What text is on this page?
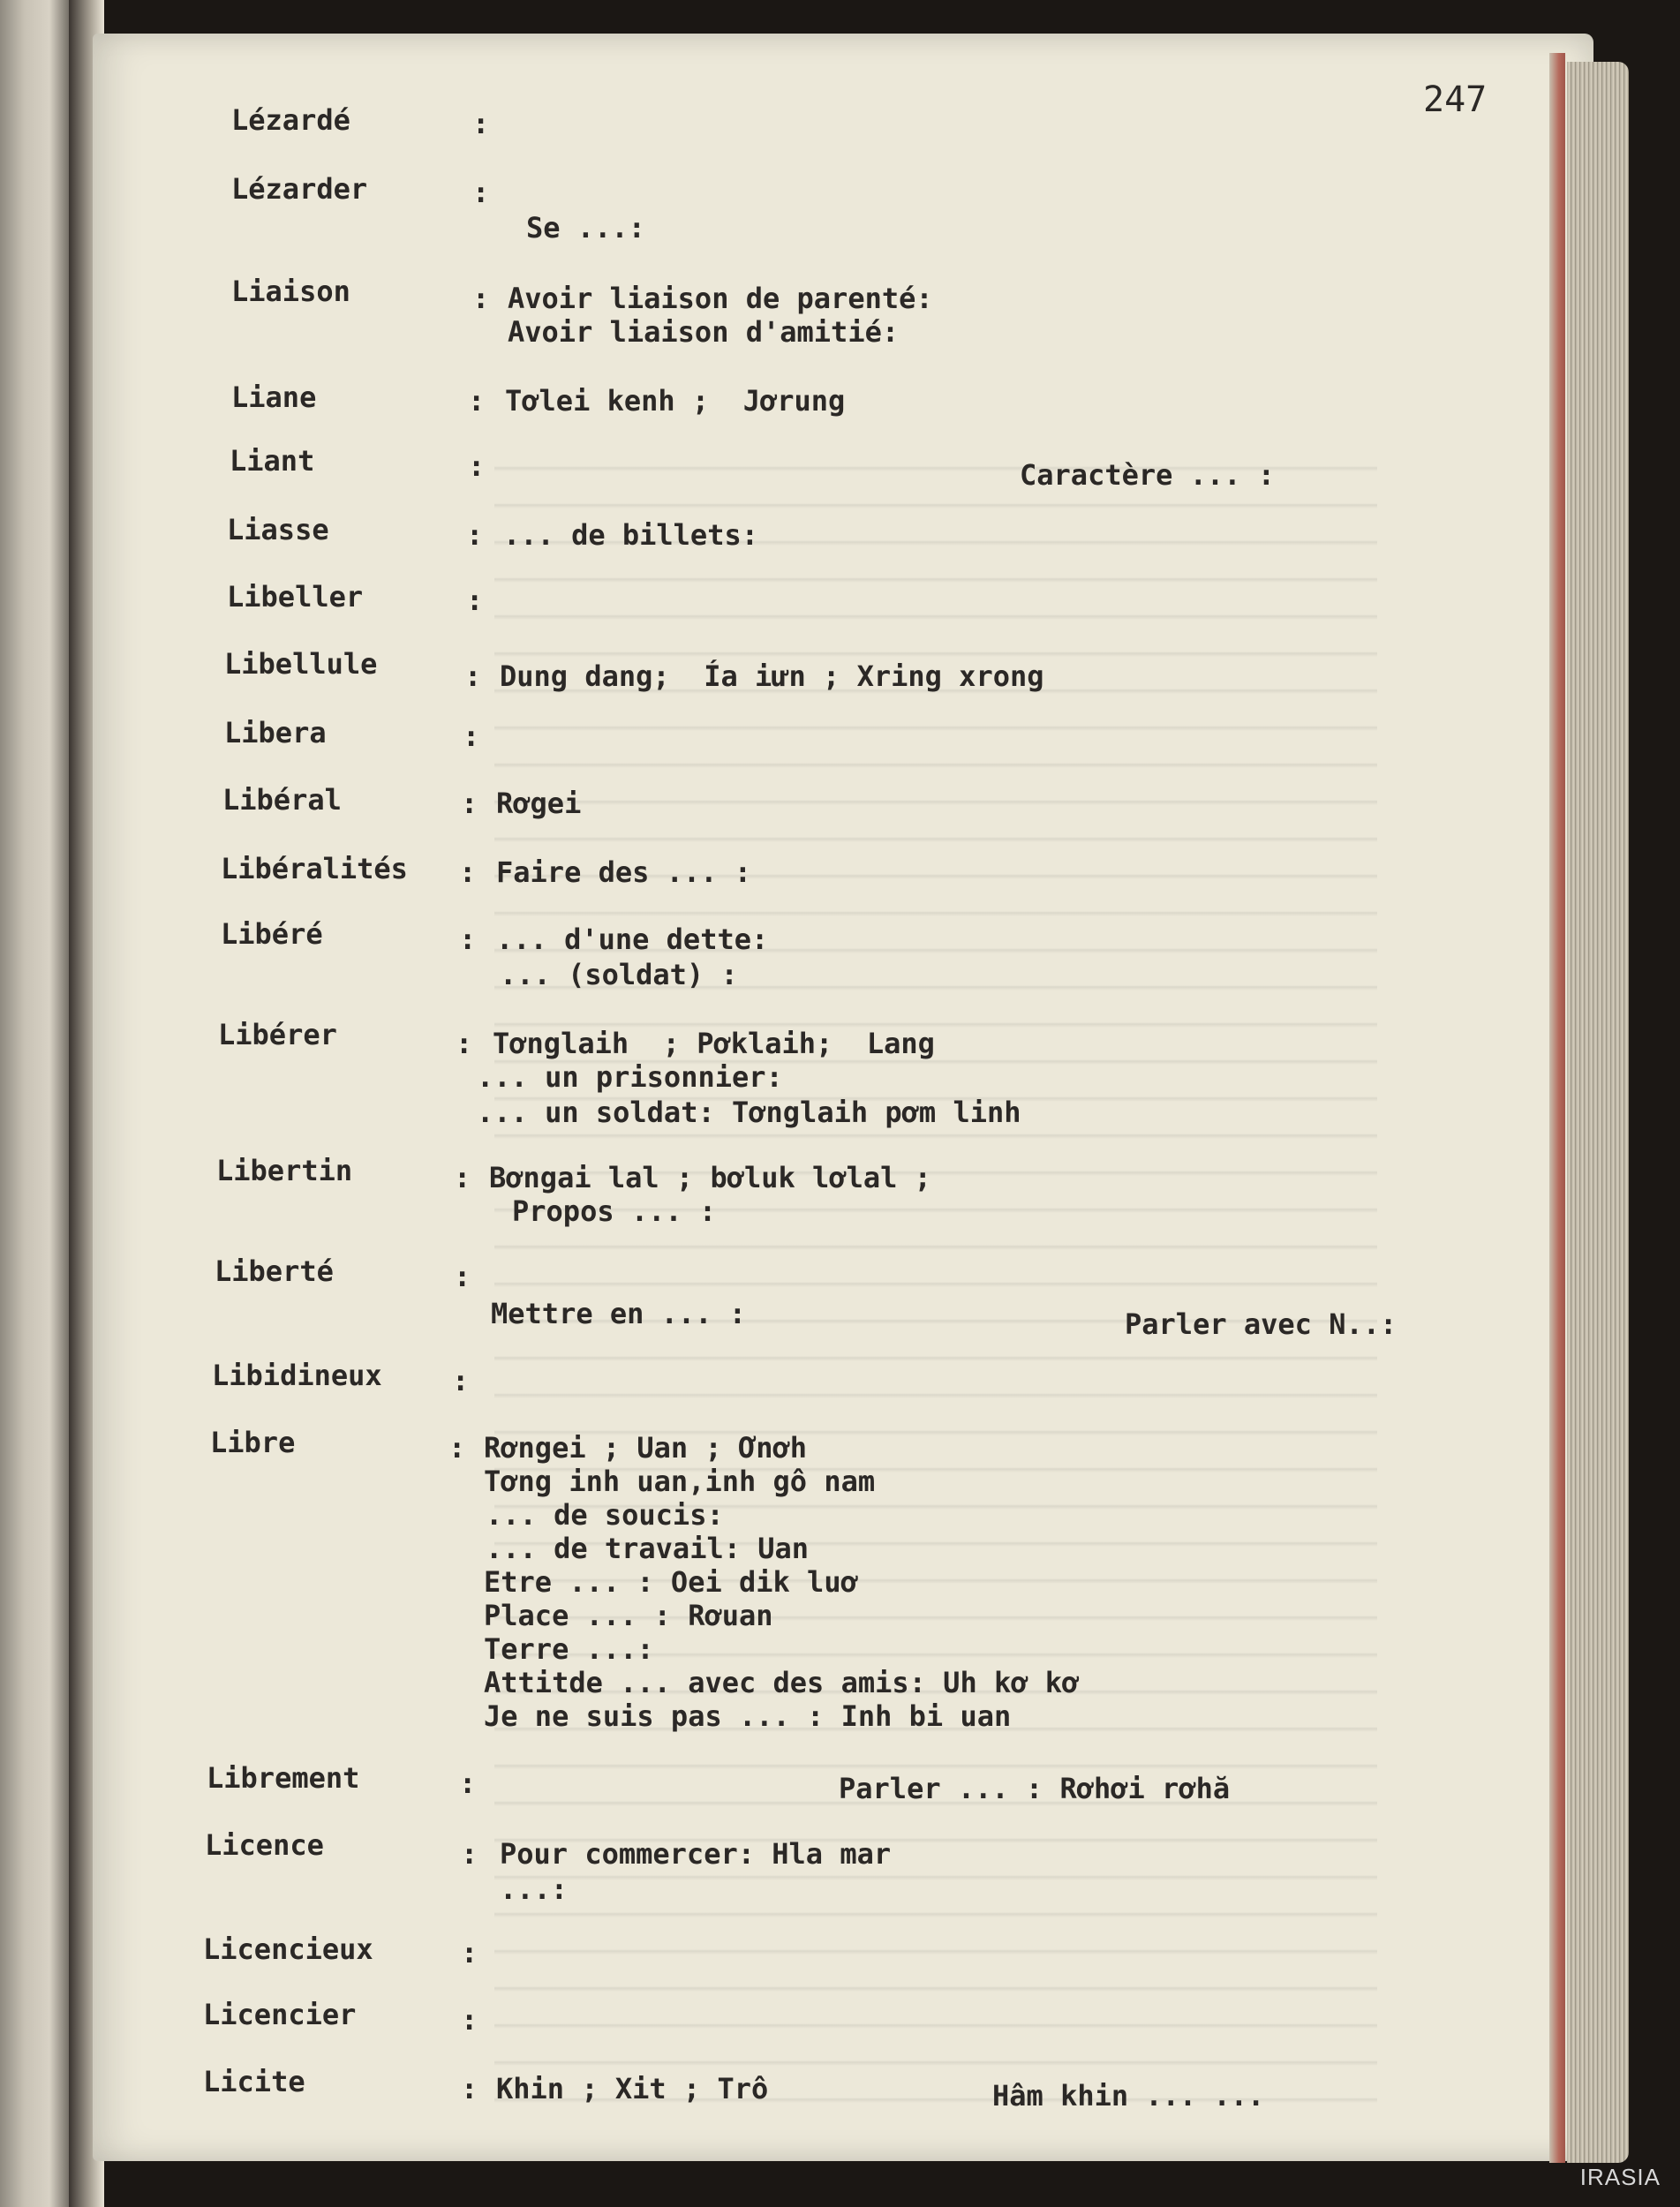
247
Lézardé	:
Lézarder	:
Se ...:
Liaison	: Avoir liaison de parenté:
Avoir liaison d'amitié:
Liane	: Tơlei kenh ;  Jơrung
Liant	:	Caractère ... :
Liasse	: ... de billets:
Libeller	:
Libellule	: Dung dang;  Ía iưn ; Xring xrong
Libera	:
Libéral	: Rơgei
Libéralités : Faire des ... :
Libéré	: ... d'une dette:
... (soldat) :
Libérer	: Tơnglaih  ; Pơklaih;  Lang
... un prisonnier:
... un soldat: Tơnglaih pơm linh
Libertin	: Bơngai lal ; bơluk lơlal ;
Propos ... :
Liberté	:
Mettre en ... :	Parler avec N..:
Libidineux :
Libre	: Rơngei ; Uan ; Ơnơh
Tơng inh uan,inh gô nam
... de soucis:
... de travail: Uan
Etre ... : Oei dik luơ
Place ... : Rơuan
Terre ...:
Attitde ... avec des amis: Uh kơ kơ
Je ne suis pas ... : Inh bi uan
Librement	:	Parler ... : Rơhơi rơhă
Licence	: Pour commercer: Hla mar
...:
Licencieux	:
Licencier	:
Licite	: Khin ; Xit ; Trô	Hâm khin ... ...
IRASIA
